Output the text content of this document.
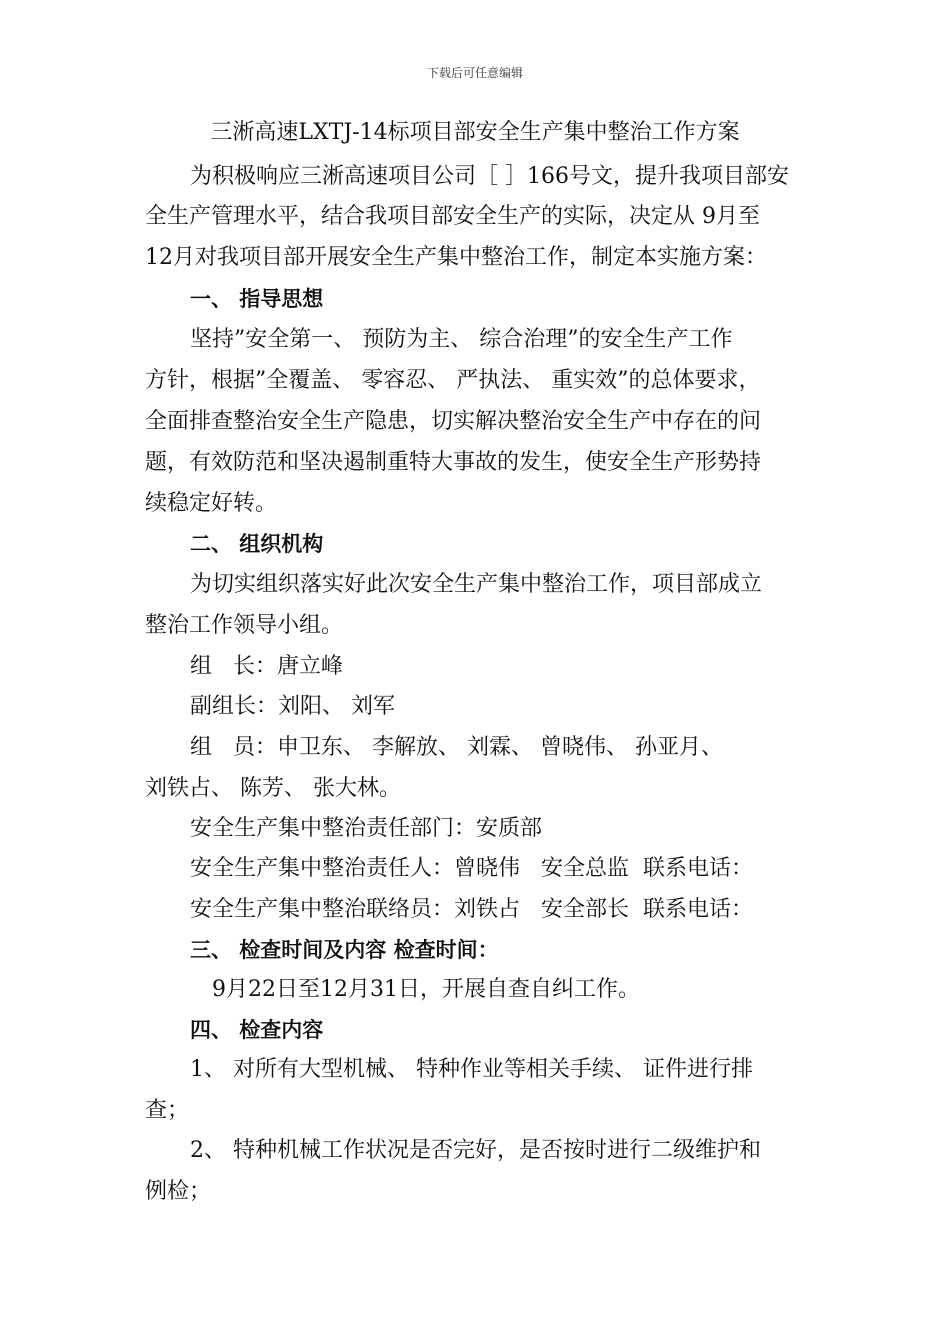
下载后可任意编辑
三淅高速LXTJ-14标项目部安全生产集中整治工作方案
为积极响应三淅高速项目公司［ ］166号文，提升我项目部安
全生产管理水平，结合我项目部安全生产的实际，决定从 9月至
12月对我项目部开展安全生产集中整治工作，制定本实施方案：
一、 指导思想
坚持”安全第一、 预防为主、 综合治理”的安全生产工作
方针，根据”全覆盖、 零容忍、 严执法、 重实效”的总体要求，
全面排查整治安全生产隐患，切实解决整治安全生产中存在的问
题，有效防范和坚决遏制重特大事故的发生，使安全生产形势持
续稳定好转。
二、 组织机构
为切实组织落实好此次安全生产集中整治工作，项目部成立
整治工作领导小组。
组   长：唐立峰
副组长：刘阳、 刘军
组   员：申卫东、 李解放、 刘霖、 曾晓伟、 孙亚月、
刘铁占、 陈芳、 张大林。
安全生产集中整治责任部门：安质部
安全生产集中整治责任人：曾晓伟   安全总监  联系电话：
安全生产集中整治联络员：刘铁占   安全部长  联系电话：
三、 检查时间及内容 检查时间：
9月22日至12月31日，开展自查自纠工作。
四、 检查内容
1、 对所有大型机械、 特种作业等相关手续、 证件进行排
查；
2、 特种机械工作状况是否完好，是否按时进行二级维护和
例检；
